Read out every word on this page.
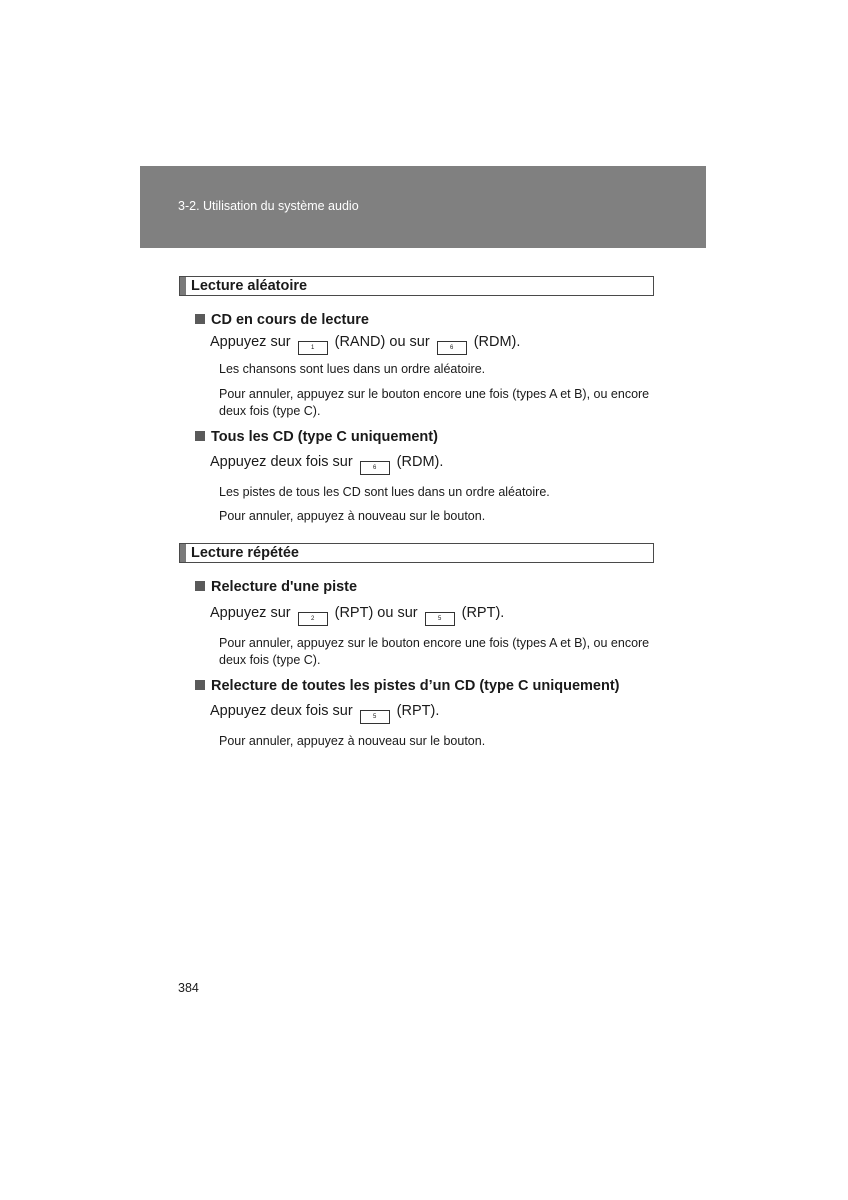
3-2. Utilisation du système audio
Lecture aléatoire
CD en cours de lecture
Appuyez sur	1 (RAND) ou sur	6 (RDM).
Les chansons sont lues dans un ordre aléatoire.
Pour annuler, appuyez sur le bouton encore une fois (types A et B), ou encore deux fois (type C).
Tous les CD (type C uniquement)
Appuyez deux fois sur	6 (RDM).
Les pistes de tous les CD sont lues dans un ordre aléatoire.
Pour annuler, appuyez à nouveau sur le bouton.
Lecture répétée
Relecture d'une piste
Appuyez sur	2 (RPT) ou sur	5 (RPT).
Pour annuler, appuyez sur le bouton encore une fois (types A et B), ou encore deux fois (type C).
Relecture de toutes les pistes d’un CD (type C uniquement)
Appuyez deux fois sur	5 (RPT).
Pour annuler, appuyez à nouveau sur le bouton.
384
